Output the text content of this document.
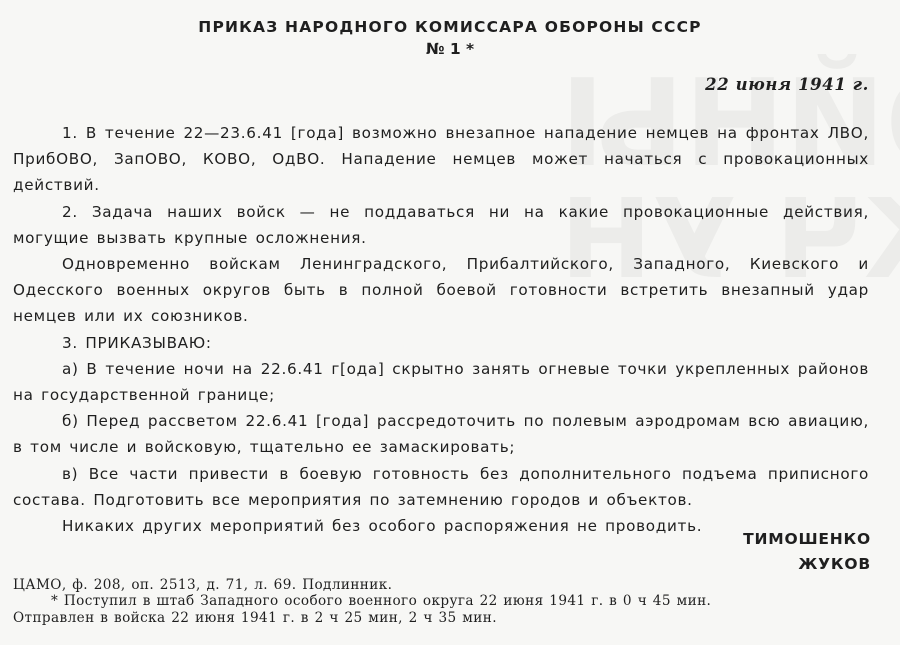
ПРИКАЗ НАРОДНОГО КОМИССАРА ОБОРОНЫ СССР
№ 1 *
22 июня 1941 г.

1. В течение 22—23.6.41 [года] возможно внезапное нападение немцев на фронтах ЛВО, ПрибОВО, ЗапОВО, КОВО, ОдВО. Нападение немцев может начаться с провокационных действий.

2. Задача наших войск — не поддаваться ни на какие провокационные действия, могущие вызвать крупные осложнения.

Одновременно войскам Ленинградского, Прибалтийского, Западного, Киевского и Одесского военных округов быть в полной боевой готовности встретить внезапный удар немцев или их союзников.

3. ПРИКАЗЫВАЮ:

а) В течение ночи на 22.6.41 г[ода] скрытно занять огневые точки укрепленных районов на государственной границе;

б) Перед рассветом 22.6.41 [года] рассредоточить по полевым аэродромам всю авиацию, в том числе и войсковую, тщательно ее замаскировать;

в) Все части привести в боевую готовность без дополнительного подъема приписного состава. Подготовить все мероприятия по затемнению городов и объектов.

Никаких других мероприятий без особого распоряжения не проводить.

ТИМОШЕНКО
ЖУКОВ

ЦАМО, ф. 208, оп. 2513, д. 71, л. 69. Подлинник.

* Поступил в штаб Западного особого военного округа 22 июня 1941 г. в 0 ч 45 мин.

Отправлен в войска 22 июня 1941 г. в 2 ч 25 мин, 2 ч 35 мин.
